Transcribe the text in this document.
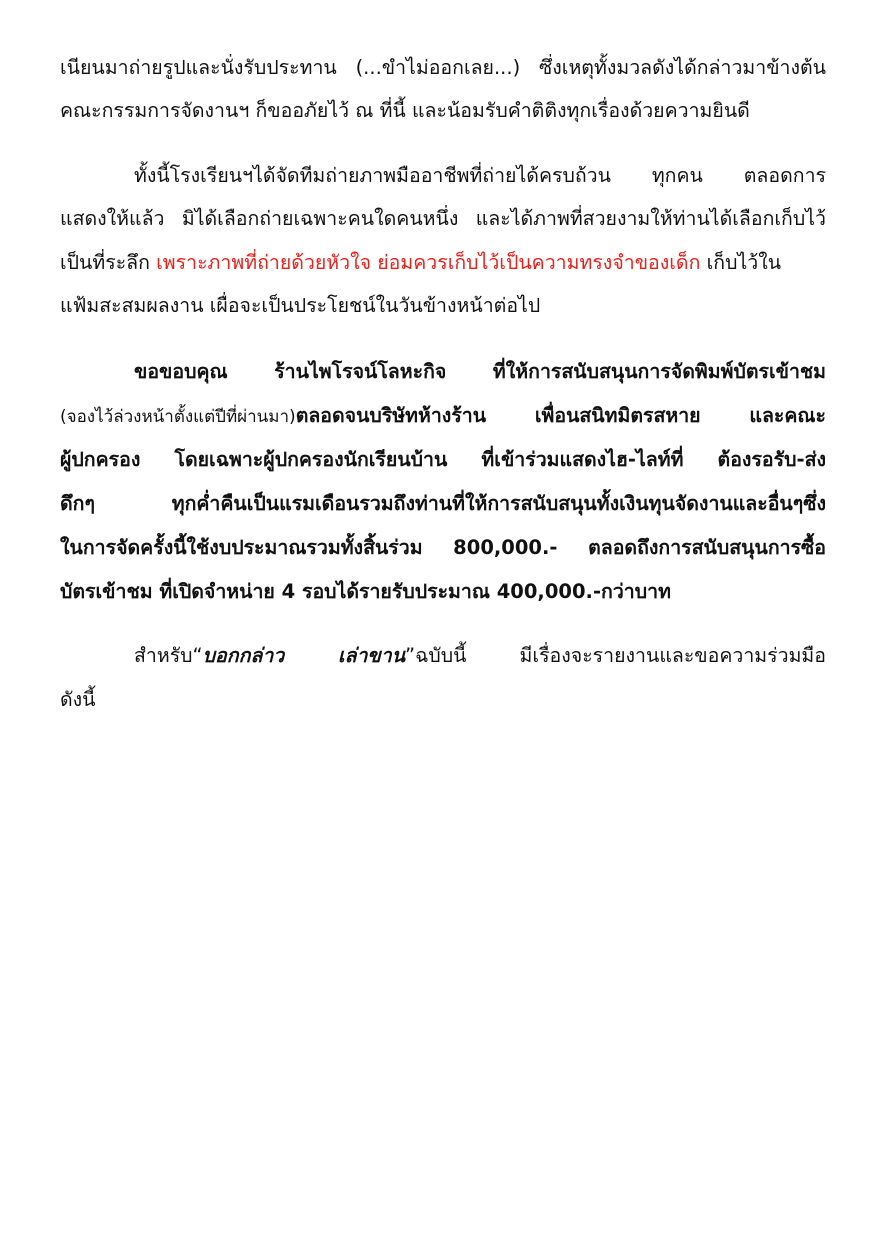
เนียนมาถ่ายรูปและนั่งรับประทาน (...ขำไม่ออกเลย...) ซึ่งเหตุทั้งมวลดังได้กล่าวมาข้างต้น
คณะกรรมการจัดงานฯ ก็ขออภัยไว้ ณ ที่นี้ และน้อมรับคำติติงทุกเรื่องด้วยความยินดี
ทั้งนี้โรงเรียนฯได้จัดทีมถ่ายภาพมืออาชีพที่ถ่ายได้ครบถ้วน ทุกคน ตลอดการ
แสดงให้แล้ว มิได้เลือกถ่ายเฉพาะคนใดคนหนึ่ง และได้ภาพที่สวยงามให้ท่านได้เลือกเก็บไว้
เป็นที่ระลึก เพราะภาพที่ถ่ายด้วยหัวใจ ย่อมควรเก็บไว้เป็นความทรงจำของเด็ก เก็บไว้ใน
แฟ้มสะสมผลงาน เผื่อจะเป็นประโยชน์ในวันข้างหน้าต่อไป
ขอขอบคุณ ร้านไพโรจน์โลหะกิจ ที่ให้การสนับสนุนการจัดพิมพ์บัตรเข้าชม
(จองไว้ล่วงหน้าตั้งแต่ปีที่ผ่านมา)ตลอดจนบริษัทห้างร้าน เพื่อนสนิทมิตรสหาย และคณะ
ผู้ปกครอง โดยเฉพาะผู้ปกครองนักเรียนบ้าน ที่เข้าร่วมแสดงไฮ-ไลท์ที่ ต้องรอรับ-ส่ง
ดึกๆ ทุกค่ำคืนเป็นแรมเดือนรวมถึงท่านที่ให้การสนับสนุนทั้งเงินทุนจัดงานและอื่นๆซึ่ง
ในการจัดครั้งนี้ใช้งบประมาณรวมทั้งสิ้นร่วม 800,000.- ตลอดถึงการสนับสนุนการซื้อ
บัตรเข้าชม ที่เปิดจำหน่าย 4 รอบได้รายรับประมาณ 400,000.-กว่าบาท
สำหรับ“บอกกล่าว เล่าขาน”ฉบับนี้ มีเรื่องจะรายงานและขอความร่วมมือ
ดังนี้
